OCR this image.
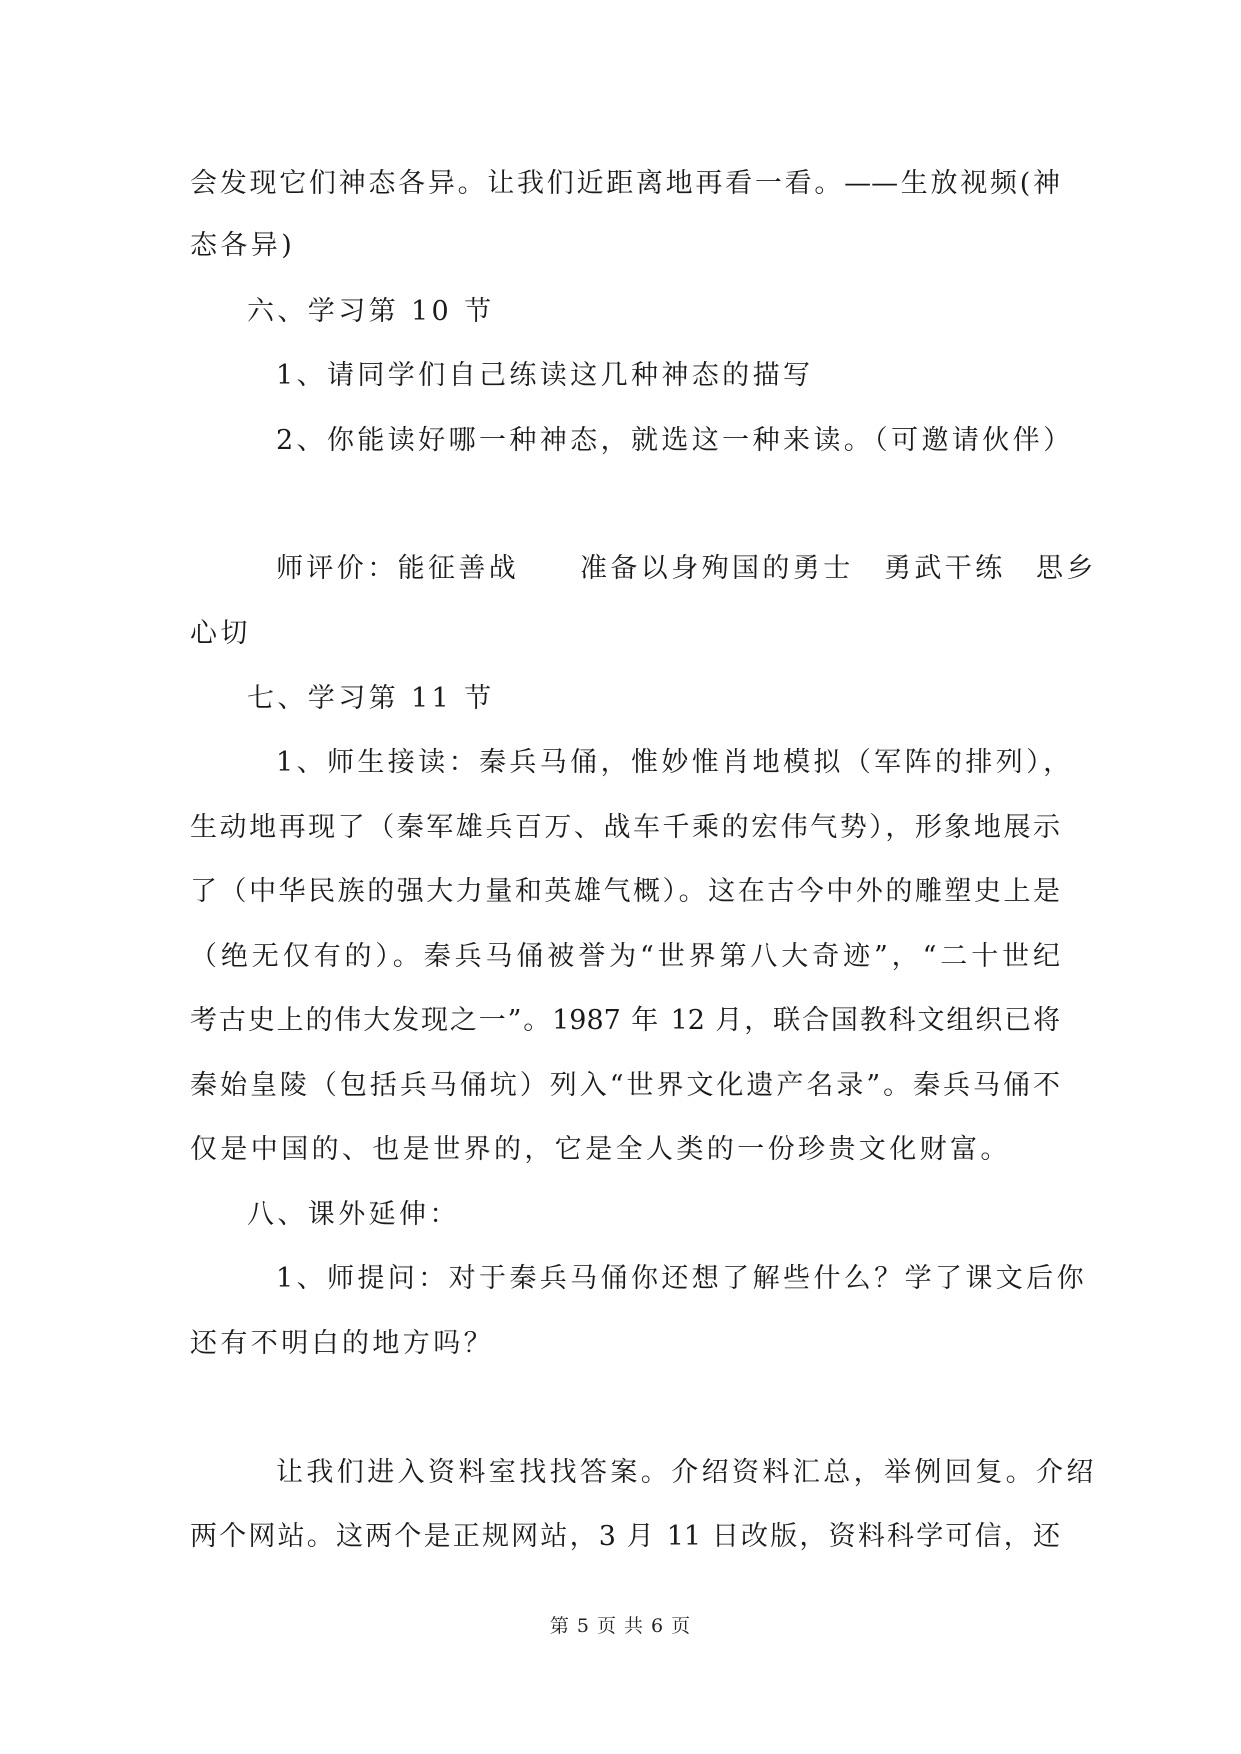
会发现它们神态各异。让我们近距离地再看一看。——生放视频(神
态各异)
六、学习第 10 节
1、请同学们自己练读这几种神态的描写
2、你能读好哪一种神态，就选这一种来读。（可邀请伙伴）
师评价：能征善战　　准备以身殉国的勇士　勇武干练　思乡
心切
七、学习第 11 节
1、师生接读：秦兵马俑，惟妙惟肖地模拟（军阵的排列），
生动地再现了（秦军雄兵百万、战车千乘的宏伟气势），形象地展示
了（中华民族的强大力量和英雄气概）。这在古今中外的雕塑史上是
（绝无仅有的）。秦兵马俑被誉为“世界第八大奇迹”，“二十世纪
考古史上的伟大发现之一”。1987 年 12 月，联合国教科文组织已将
秦始皇陵（包括兵马俑坑）列入“世界文化遗产名录”。秦兵马俑不
仅是中国的、也是世界的，它是全人类的一份珍贵文化财富。
八、课外延伸：
1、师提问：对于秦兵马俑你还想了解些什么？学了课文后你
还有不明白的地方吗？
让我们进入资料室找找答案。介绍资料汇总，举例回复。介绍
两个网站。这两个是正规网站，3 月 11 日改版，资料科学可信，还
第 5 页 共 6 页
